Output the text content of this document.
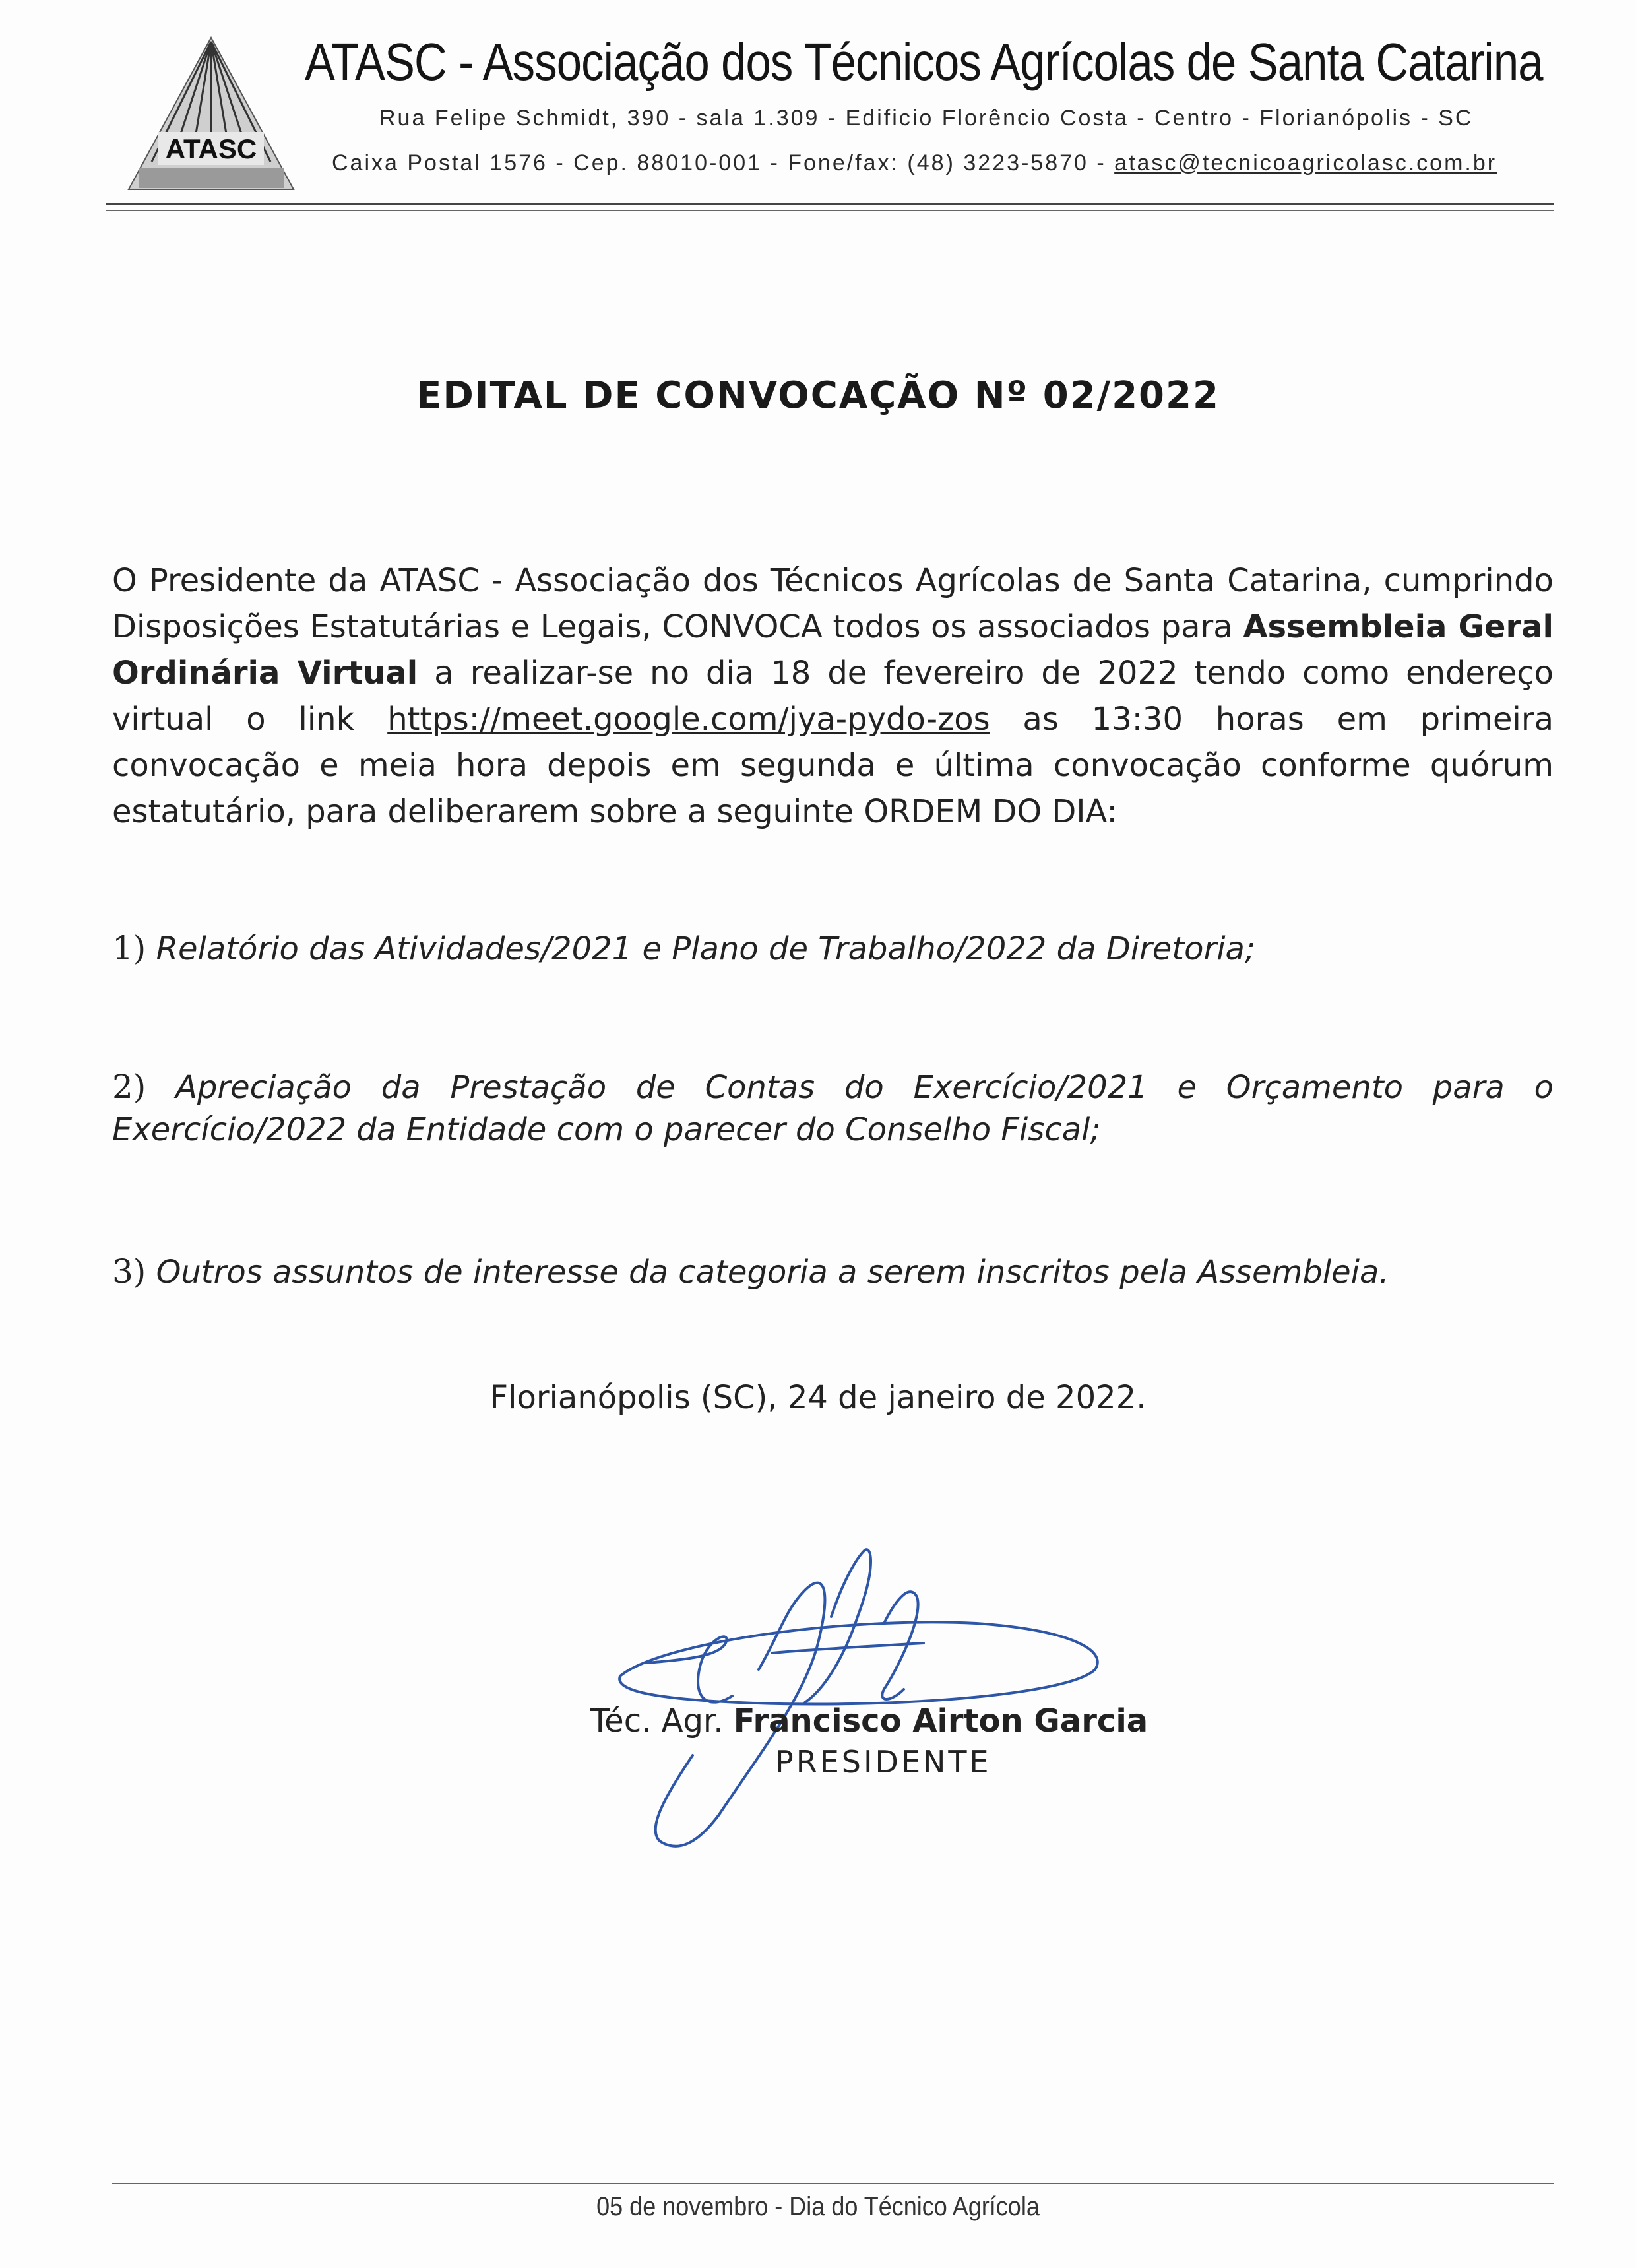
ATASC
ATASC - Associação dos Técnicos Agrícolas de Santa Catarina
Rua Felipe Schmidt, 390 - sala 1.309 - Edificio Florêncio Costa - Centro - Florianópolis - SC
Caixa Postal 1576 - Cep. 88010-001 - Fone/fax: (48) 3223-5870 - atasc@tecnicoagricolasc.com.br
EDITAL DE CONVOCAÇÃO Nº 02/2022
O Presidente da ATASC - Associação dos Técnicos Agrícolas de Santa Catarina, cumprindo Disposições Estatutárias e Legais, CONVOCA todos os associados para Assembleia Geral Ordinária Virtual a realizar-se no dia 18 de fevereiro de 2022 tendo como endereço virtual o link https://meet.google.com/jya-pydo-zos as 13:30 horas em primeira convocação e meia hora depois em segunda e última convocação conforme quórum estatutário, para deliberarem sobre a seguinte ORDEM DO DIA:
1) Relatório das Atividades/2021 e Plano de Trabalho/2022 da Diretoria;
2) Apreciação da Prestação de Contas do Exercício/2021 e Orçamento para o Exercício/2022 da Entidade com o parecer do Conselho Fiscal;
3) Outros assuntos de interesse da categoria a serem inscritos pela Assembleia.
Florianópolis (SC), 24 de janeiro de 2022.
Téc. Agr. Francisco Airton Garcia
PRESIDENTE
05 de novembro - Dia do Técnico Agrícola
